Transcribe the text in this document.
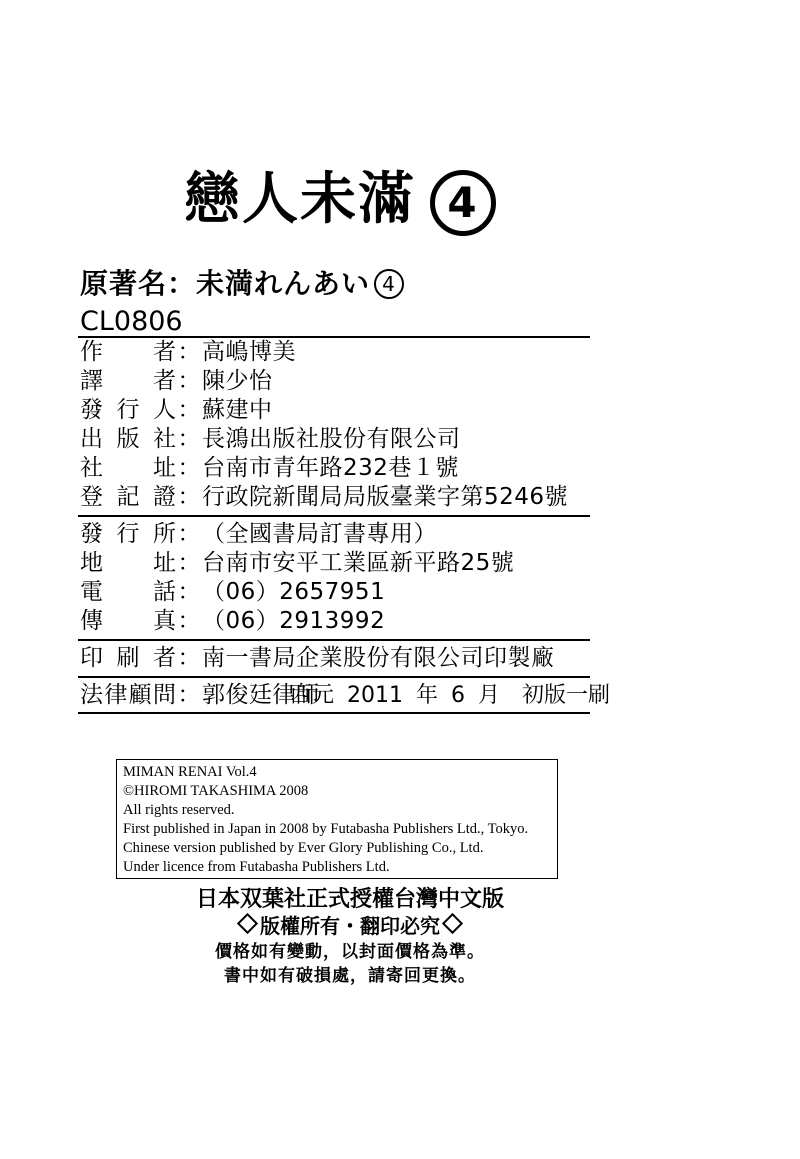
戀人未滿 4
原著名：未満れんあい 4
CL0806
作 者 ： 高嶋博美
譯 者 ： 陳少怡
發 行 人 ： 蘇建中
出 版 社 ： 長鴻出版社股份有限公司
社 址 ： 台南市青年路232巷１號
登 記 證 ： 行政院新聞局局版臺業字第5246號
發 行 所 ： （全國書局訂書專用）
地 址 ： 台南市安平工業區新平路25號
電 話 ： （06）2657951
傳 真 ： （06）2913992
印 刷 者 ： 南一書局企業股份有限公司印製廠
法 律 顧 問 ： 郭俊廷律師
西元 2011 年 6 月　初版一刷
MIMAN RENAI Vol.4
©HIROMI TAKASHIMA 2008
All rights reserved.
First published in Japan in 2008 by Futabasha Publishers Ltd., Tokyo.
Chinese version published by Ever Glory Publishing Co., Ltd.
Under licence from Futabasha Publishers Ltd.
日本双葉社正式授權台灣中文版
版權所有・翻印必究
價格如有變動，以封面價格為準。
書中如有破損處，請寄回更換。
